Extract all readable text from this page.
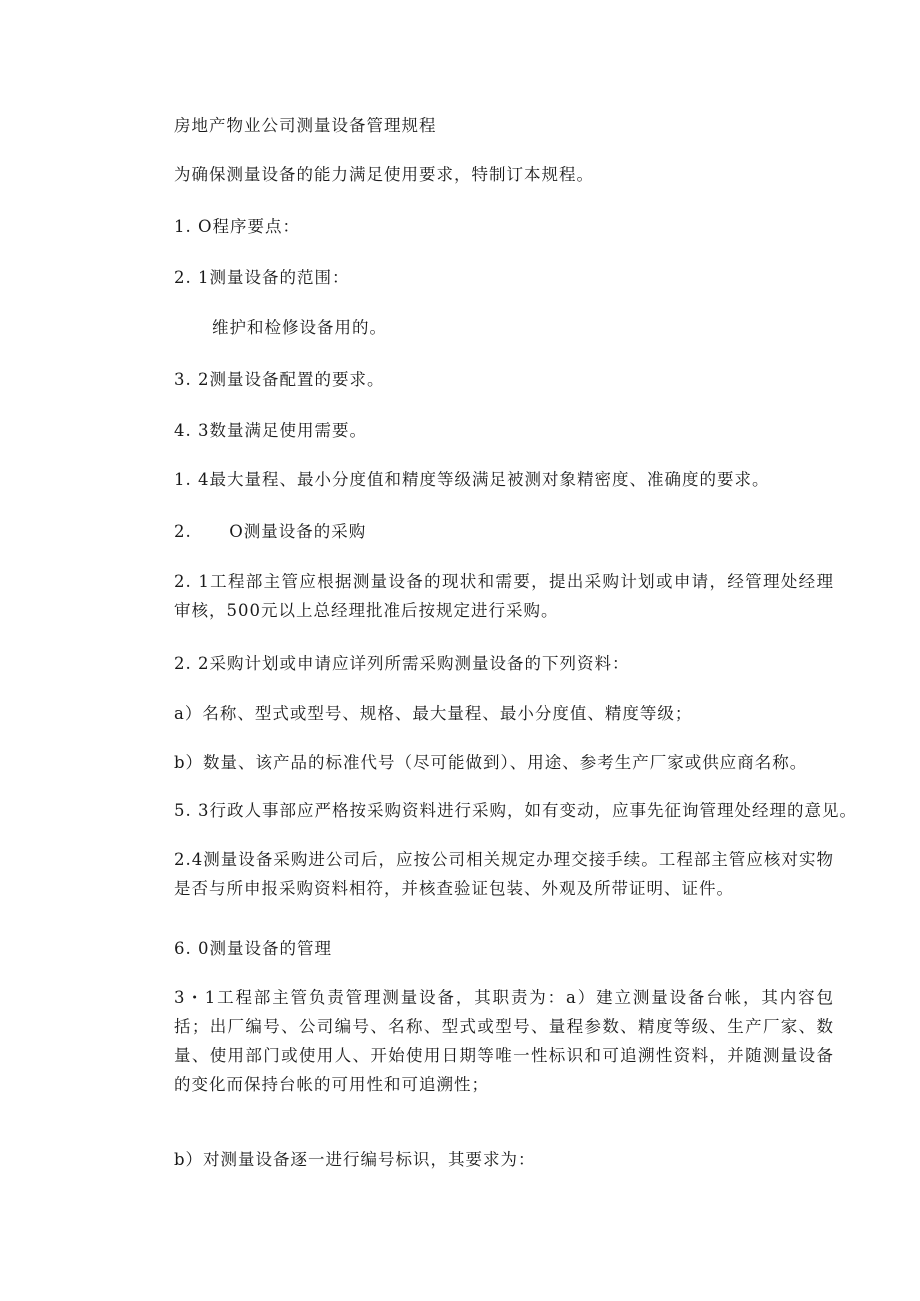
房地产物业公司测量设备管理规程
为确保测量设备的能力满足使用要求，特制订本规程。
1. O程序要点：
2. 1测量设备的范围：
维护和检修设备用的。
3. 2测量设备配置的要求。
4. 3数量满足使用需要。
1. 4最大量程、最小分度值和精度等级满足被测对象精密度、准确度的要求。
2.      O测量设备的采购
2. 1工程部主管应根据测量设备的现状和需要，提出采购计划或申请，经管理处经理审核，500元以上总经理批准后按规定进行采购。
2. 2采购计划或申请应详列所需采购测量设备的下列资料：
a）名称、型式或型号、规格、最大量程、最小分度值、精度等级；
b）数量、该产品的标准代号（尽可能做到）、用途、参考生产厂家或供应商名称。
5. 3行政人事部应严格按采购资料进行采购，如有变动，应事先征询管理处经理的意见。
2.4测量设备采购进公司后，应按公司相关规定办理交接手续。工程部主管应核对实物是否与所申报采购资料相符，并核查验证包装、外观及所带证明、证件。
6. 0测量设备的管理
3・1工程部主管负责管理测量设备，其职责为：a）建立测量设备台帐，其内容包括；出厂编号、公司编号、名称、型式或型号、量程参数、精度等级、生产厂家、数量、使用部门或使用人、开始使用日期等唯一性标识和可追溯性资料，并随测量设备的变化而保持台帐的可用性和可追溯性；
b）对测量设备逐一进行编号标识，其要求为：
